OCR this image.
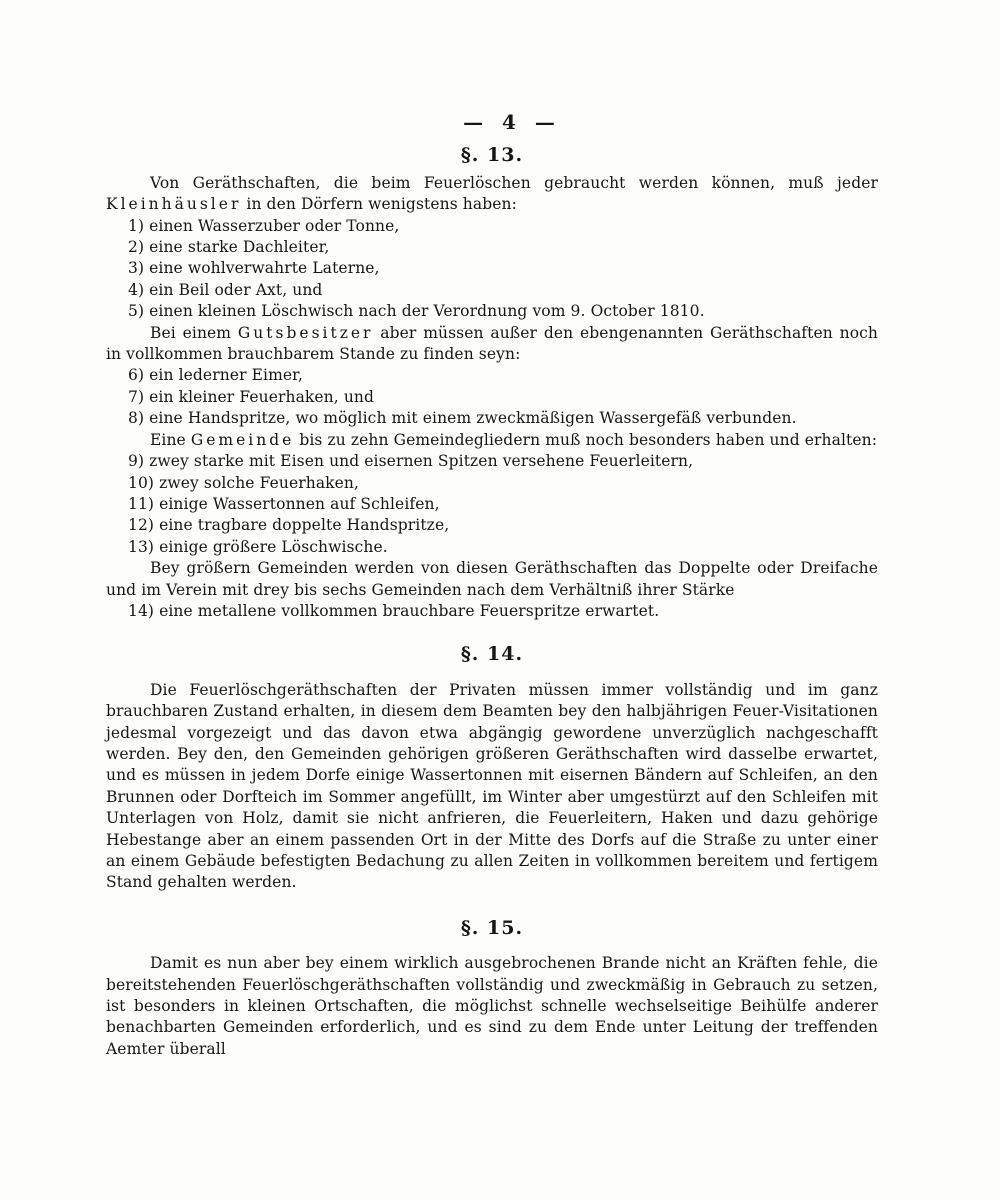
— 4 —
§. 13.

Von Geräthschaften, die beim Feuerlöschen gebraucht werden können, muß jeder Kleinhäusler in den Dörfern wenigstens haben:

1) einen Wasserzuber oder Tonne,

2) eine starke Dachleiter,

3) eine wohlverwahrte Laterne,

4) ein Beil oder Axt, und

5) einen kleinen Löschwisch nach der Verordnung vom 9. October 1810.

Bei einem Gutsbesitzer aber müssen außer den ebengenannten Geräthschaften noch in vollkommen brauchbarem Stande zu finden seyn:

6) ein lederner Eimer,

7) ein kleiner Feuerhaken, und

8) eine Handspritze, wo möglich mit einem zweckmäßigen Wassergefäß verbunden.

Eine Gemeinde bis zu zehn Gemeindegliedern muß noch besonders haben und erhalten:

9) zwey starke mit Eisen und eisernen Spitzen versehene Feuerleitern,

10) zwey solche Feuerhaken,

11) einige Wassertonnen auf Schleifen,

12) eine tragbare doppelte Handspritze,

13) einige größere Löschwische.

Bey größern Gemeinden werden von diesen Geräthschaften das Doppelte oder Dreifache und im Verein mit drey bis sechs Gemeinden nach dem Verhältniß ihrer Stärke

14) eine metallene vollkommen brauchbare Feuerspritze erwartet.

§. 14.

Die Feuerlöschgeräthschaften der Privaten müssen immer vollständig und im ganz brauchbaren Zustand erhalten, in diesem dem Beamten bey den halbjährigen Feuer-Visitationen jedesmal vorgezeigt und das davon etwa abgängig gewordene unverzüglich nachgeschafft werden. Bey den, den Gemeinden gehörigen größeren Geräthschaften wird dasselbe erwartet, und es müssen in jedem Dorfe einige Wassertonnen mit eisernen Bändern auf Schleifen, an den Brunnen oder Dorfteich im Sommer angefüllt, im Winter aber umgestürzt auf den Schleifen mit Unterlagen von Holz, damit sie nicht anfrieren, die Feuerleitern, Haken und dazu gehörige Hebestange aber an einem passenden Ort in der Mitte des Dorfs auf die Straße zu unter einer an einem Gebäude befestigten Bedachung zu allen Zeiten in vollkommen bereitem und fertigem Stand gehalten werden.

§. 15.

Damit es nun aber bey einem wirklich ausgebrochenen Brande nicht an Kräften fehle, die bereitstehenden Feuerlöschgeräthschaften vollständig und zweckmäßig in Gebrauch zu setzen, ist besonders in kleinen Ortschaften, die möglichst schnelle wechselseitige Beihülfe anderer benachbarten Gemeinden erforderlich, und es sind zu dem Ende unter Leitung der treffenden Aemter überall
